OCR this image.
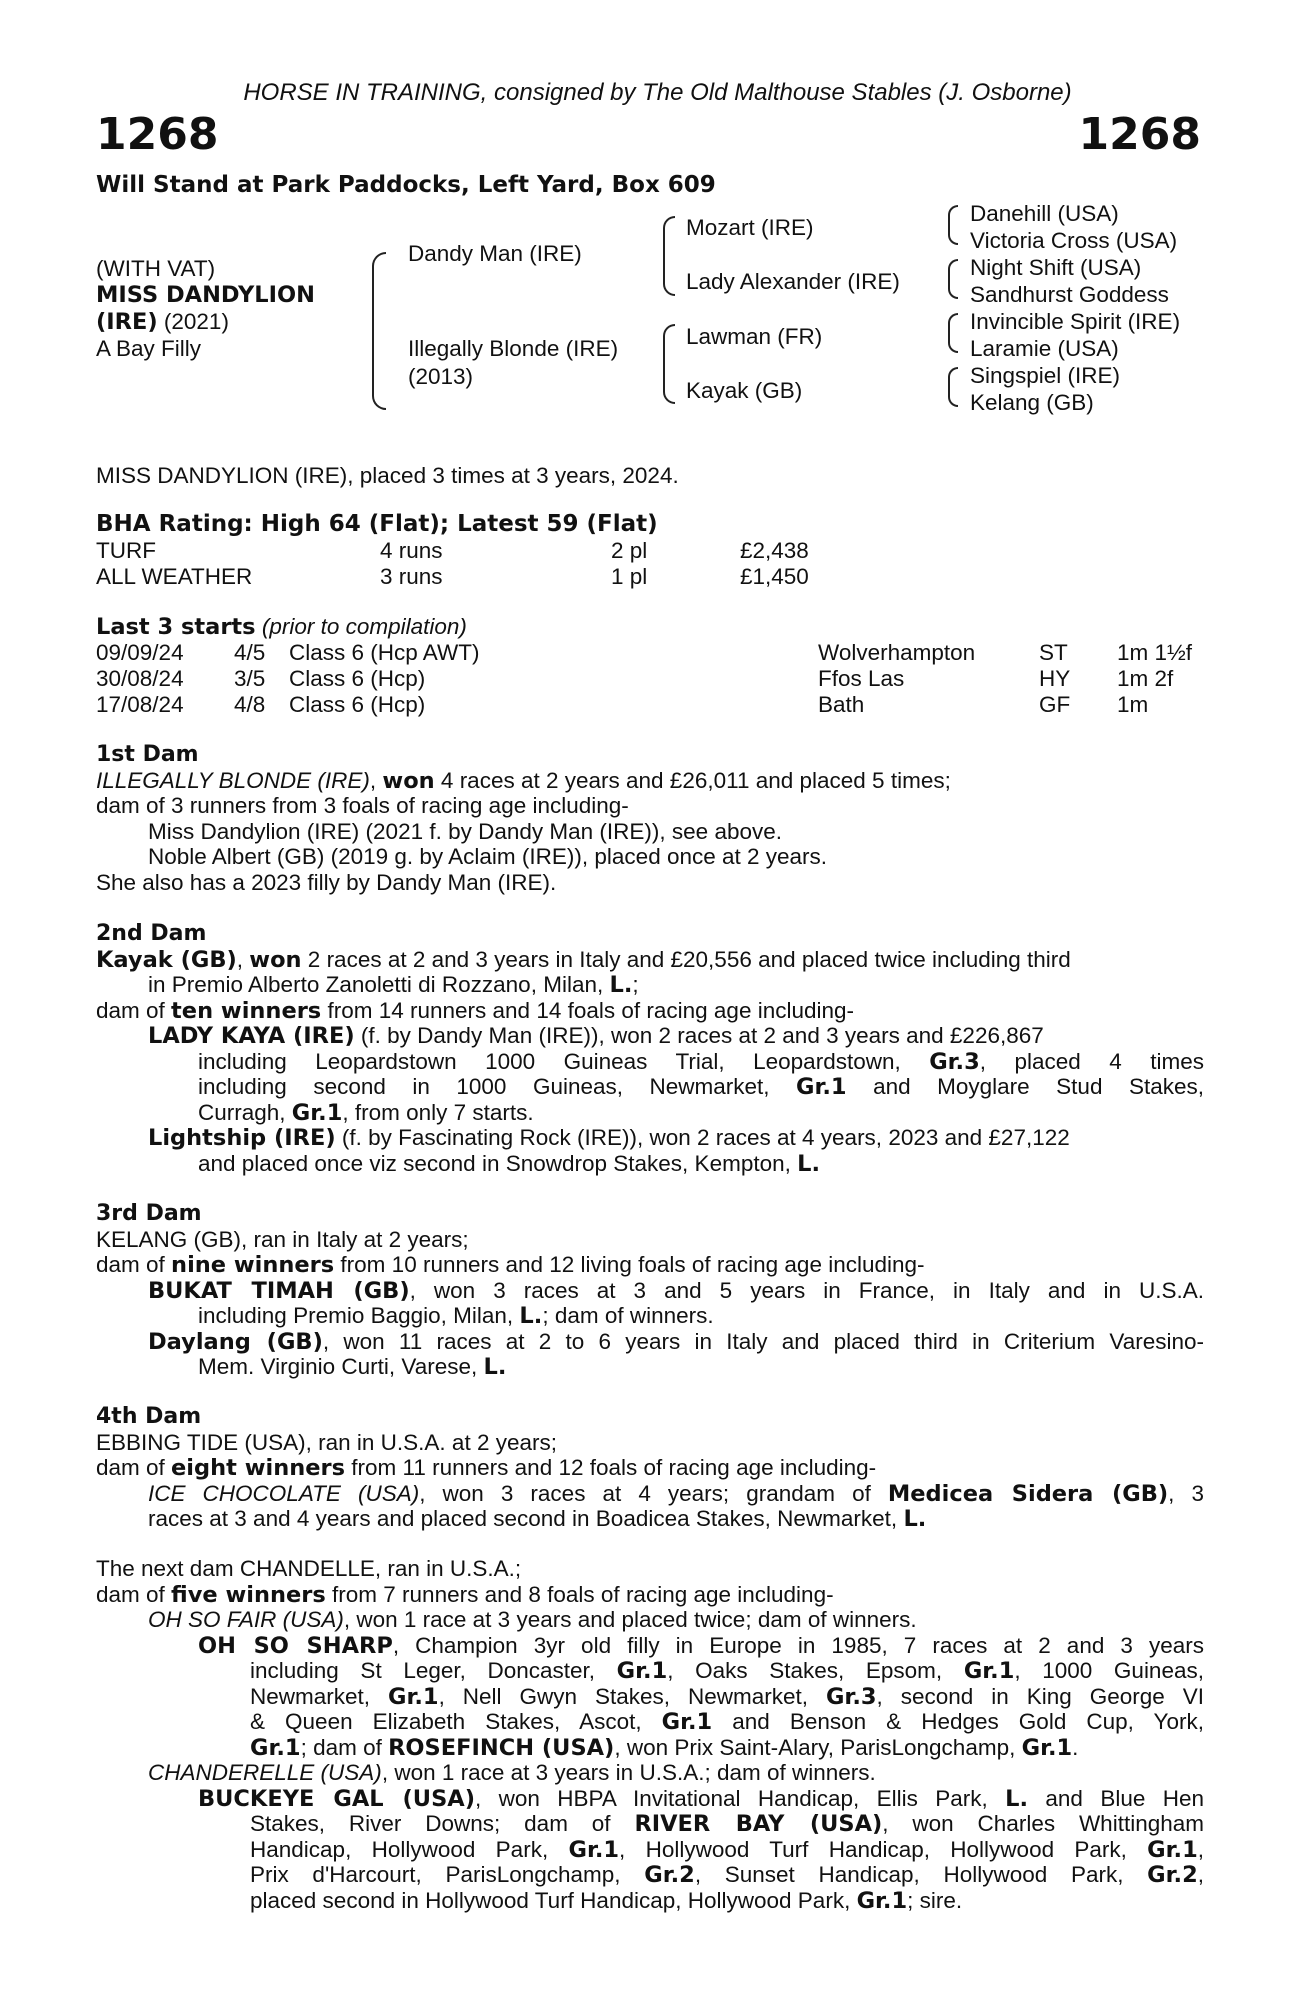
HORSE IN TRAINING, consigned by The Old Malthouse Stables (J. Osborne)
1268	1268
Will Stand at Park Paddocks, Left Yard, Box 609
(WITH VAT)
MISS DANDYLION
(IRE) (2021)
A Bay Filly
Dandy Man (IRE)
Illegally Blonde (IRE)
(2013)
Mozart (IRE)
Lady Alexander (IRE)
Lawman (FR)
Kayak (GB)
Danehill (USA)
Victoria Cross (USA)
Night Shift (USA)
Sandhurst Goddess
Invincible Spirit (IRE)
Laramie (USA)
Singspiel (IRE)
Kelang (GB)
MISS DANDYLION (IRE), placed 3 times at 3 years, 2024.
BHA Rating: High 64 (Flat); Latest 59 (Flat)
TURF	4 runs	2 pl	£2,438
ALL WEATHER	3 runs	1 pl	£1,450
Last 3 starts (prior to compilation)
09/09/24 4/5 Class 6 (Hcp AWT)	Wolverhampton	ST 1m 1½f
30/08/24 3/5 Class 6 (Hcp)	Ffos Las	HY 1m 2f
17/08/24 4/8 Class 6 (Hcp)	Bath	GF 1m
1st Dam
ILLEGALLY BLONDE (IRE), won 4 races at 2 years and £26,011 and placed 5 times;
dam of 3 runners from 3 foals of racing age including-
Miss Dandylion (IRE) (2021 f. by Dandy Man (IRE)), see above.
Noble Albert (GB) (2019 g. by Aclaim (IRE)), placed once at 2 years.
She also has a 2023 filly by Dandy Man (IRE).
2nd Dam
Kayak (GB), won 2 races at 2 and 3 years in Italy and £20,556 and placed twice including third
in Premio Alberto Zanoletti di Rozzano, Milan, L.;
dam of ten winners from 14 runners and 14 foals of racing age including-
LADY KAYA (IRE) (f. by Dandy Man (IRE)), won 2 races at 2 and 3 years and £226,867
including Leopardstown 1000 Guineas Trial, Leopardstown, Gr.3, placed 4 times
including second in 1000 Guineas, Newmarket, Gr.1 and Moyglare Stud Stakes,
Curragh, Gr.1, from only 7 starts.
Lightship (IRE) (f. by Fascinating Rock (IRE)), won 2 races at 4 years, 2023 and £27,122
and placed once viz second in Snowdrop Stakes, Kempton, L.
3rd Dam
KELANG (GB), ran in Italy at 2 years;
dam of nine winners from 10 runners and 12 living foals of racing age including-
BUKAT TIMAH (GB), won 3 races at 3 and 5 years in France, in Italy and in U.S.A.
including Premio Baggio, Milan, L.; dam of winners.
Daylang (GB), won 11 races at 2 to 6 years in Italy and placed third in Criterium Varesino-
Mem. Virginio Curti, Varese, L.
4th Dam
EBBING TIDE (USA), ran in U.S.A. at 2 years;
dam of eight winners from 11 runners and 12 foals of racing age including-
ICE CHOCOLATE (USA), won 3 races at 4 years; grandam of Medicea Sidera (GB), 3
races at 3 and 4 years and placed second in Boadicea Stakes, Newmarket, L.
The next dam CHANDELLE, ran in U.S.A.;
dam of five winners from 7 runners and 8 foals of racing age including-
OH SO FAIR (USA), won 1 race at 3 years and placed twice; dam of winners.
OH SO SHARP, Champion 3yr old filly in Europe in 1985, 7 races at 2 and 3 years
including St Leger, Doncaster, Gr.1, Oaks Stakes, Epsom, Gr.1, 1000 Guineas,
Newmarket, Gr.1, Nell Gwyn Stakes, Newmarket, Gr.3, second in King George VI
& Queen Elizabeth Stakes, Ascot, Gr.1 and Benson & Hedges Gold Cup, York,
Gr.1; dam of ROSEFINCH (USA), won Prix Saint-Alary, ParisLongchamp, Gr.1.
CHANDERELLE (USA), won 1 race at 3 years in U.S.A.; dam of winners.
BUCKEYE GAL (USA), won HBPA Invitational Handicap, Ellis Park, L. and Blue Hen
Stakes, River Downs; dam of RIVER BAY (USA), won Charles Whittingham
Handicap, Hollywood Park, Gr.1, Hollywood Turf Handicap, Hollywood Park, Gr.1,
Prix d'Harcourt, ParisLongchamp, Gr.2, Sunset Handicap, Hollywood Park, Gr.2,
placed second in Hollywood Turf Handicap, Hollywood Park, Gr.1; sire.
